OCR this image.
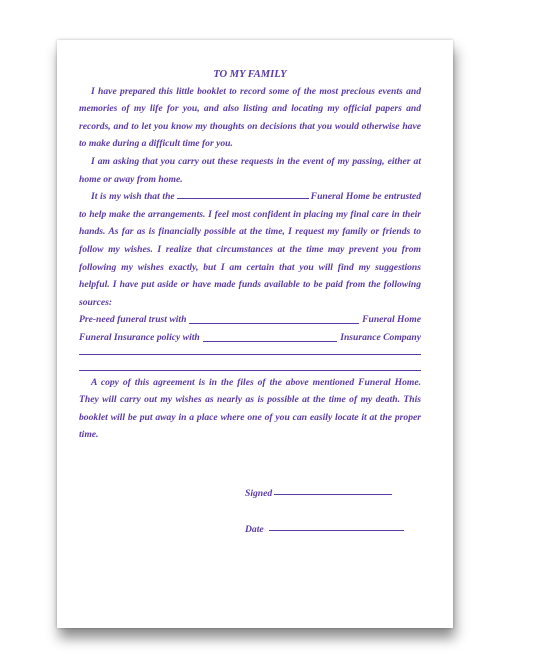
TO MY FAMILY

I have prepared this little booklet to record some of the most precious events and memories of my life for you, and also listing and locating my official papers and records, and to let you know my thoughts on decisions that you would otherwise have to make during a difficult time for you.

I am asking that you carry out these requests in the event of my passing, either at home or away from home.

It is my wish that the	Funeral Home be entrusted to help make the arrangements. I feel most confident in placing my final care in their hands. As far as is financially possible at the time, I request my family or friends to follow my wishes. I realize that circumstances at the time may prevent you from following my wishes exactly, but I am certain that you will find my suggestions helpful. I have put aside or have made funds available to be paid from the following sources:

Pre-need funeral trust with	Funeral Home
Funeral Insurance policy with	Insurance Company

A copy of this agreement is in the files of the above mentioned Funeral Home. They will carry out my wishes as nearly as is possible at the time of my death. This booklet will be put away in a place where one of you can easily locate it at the proper time.

Signed
Date
